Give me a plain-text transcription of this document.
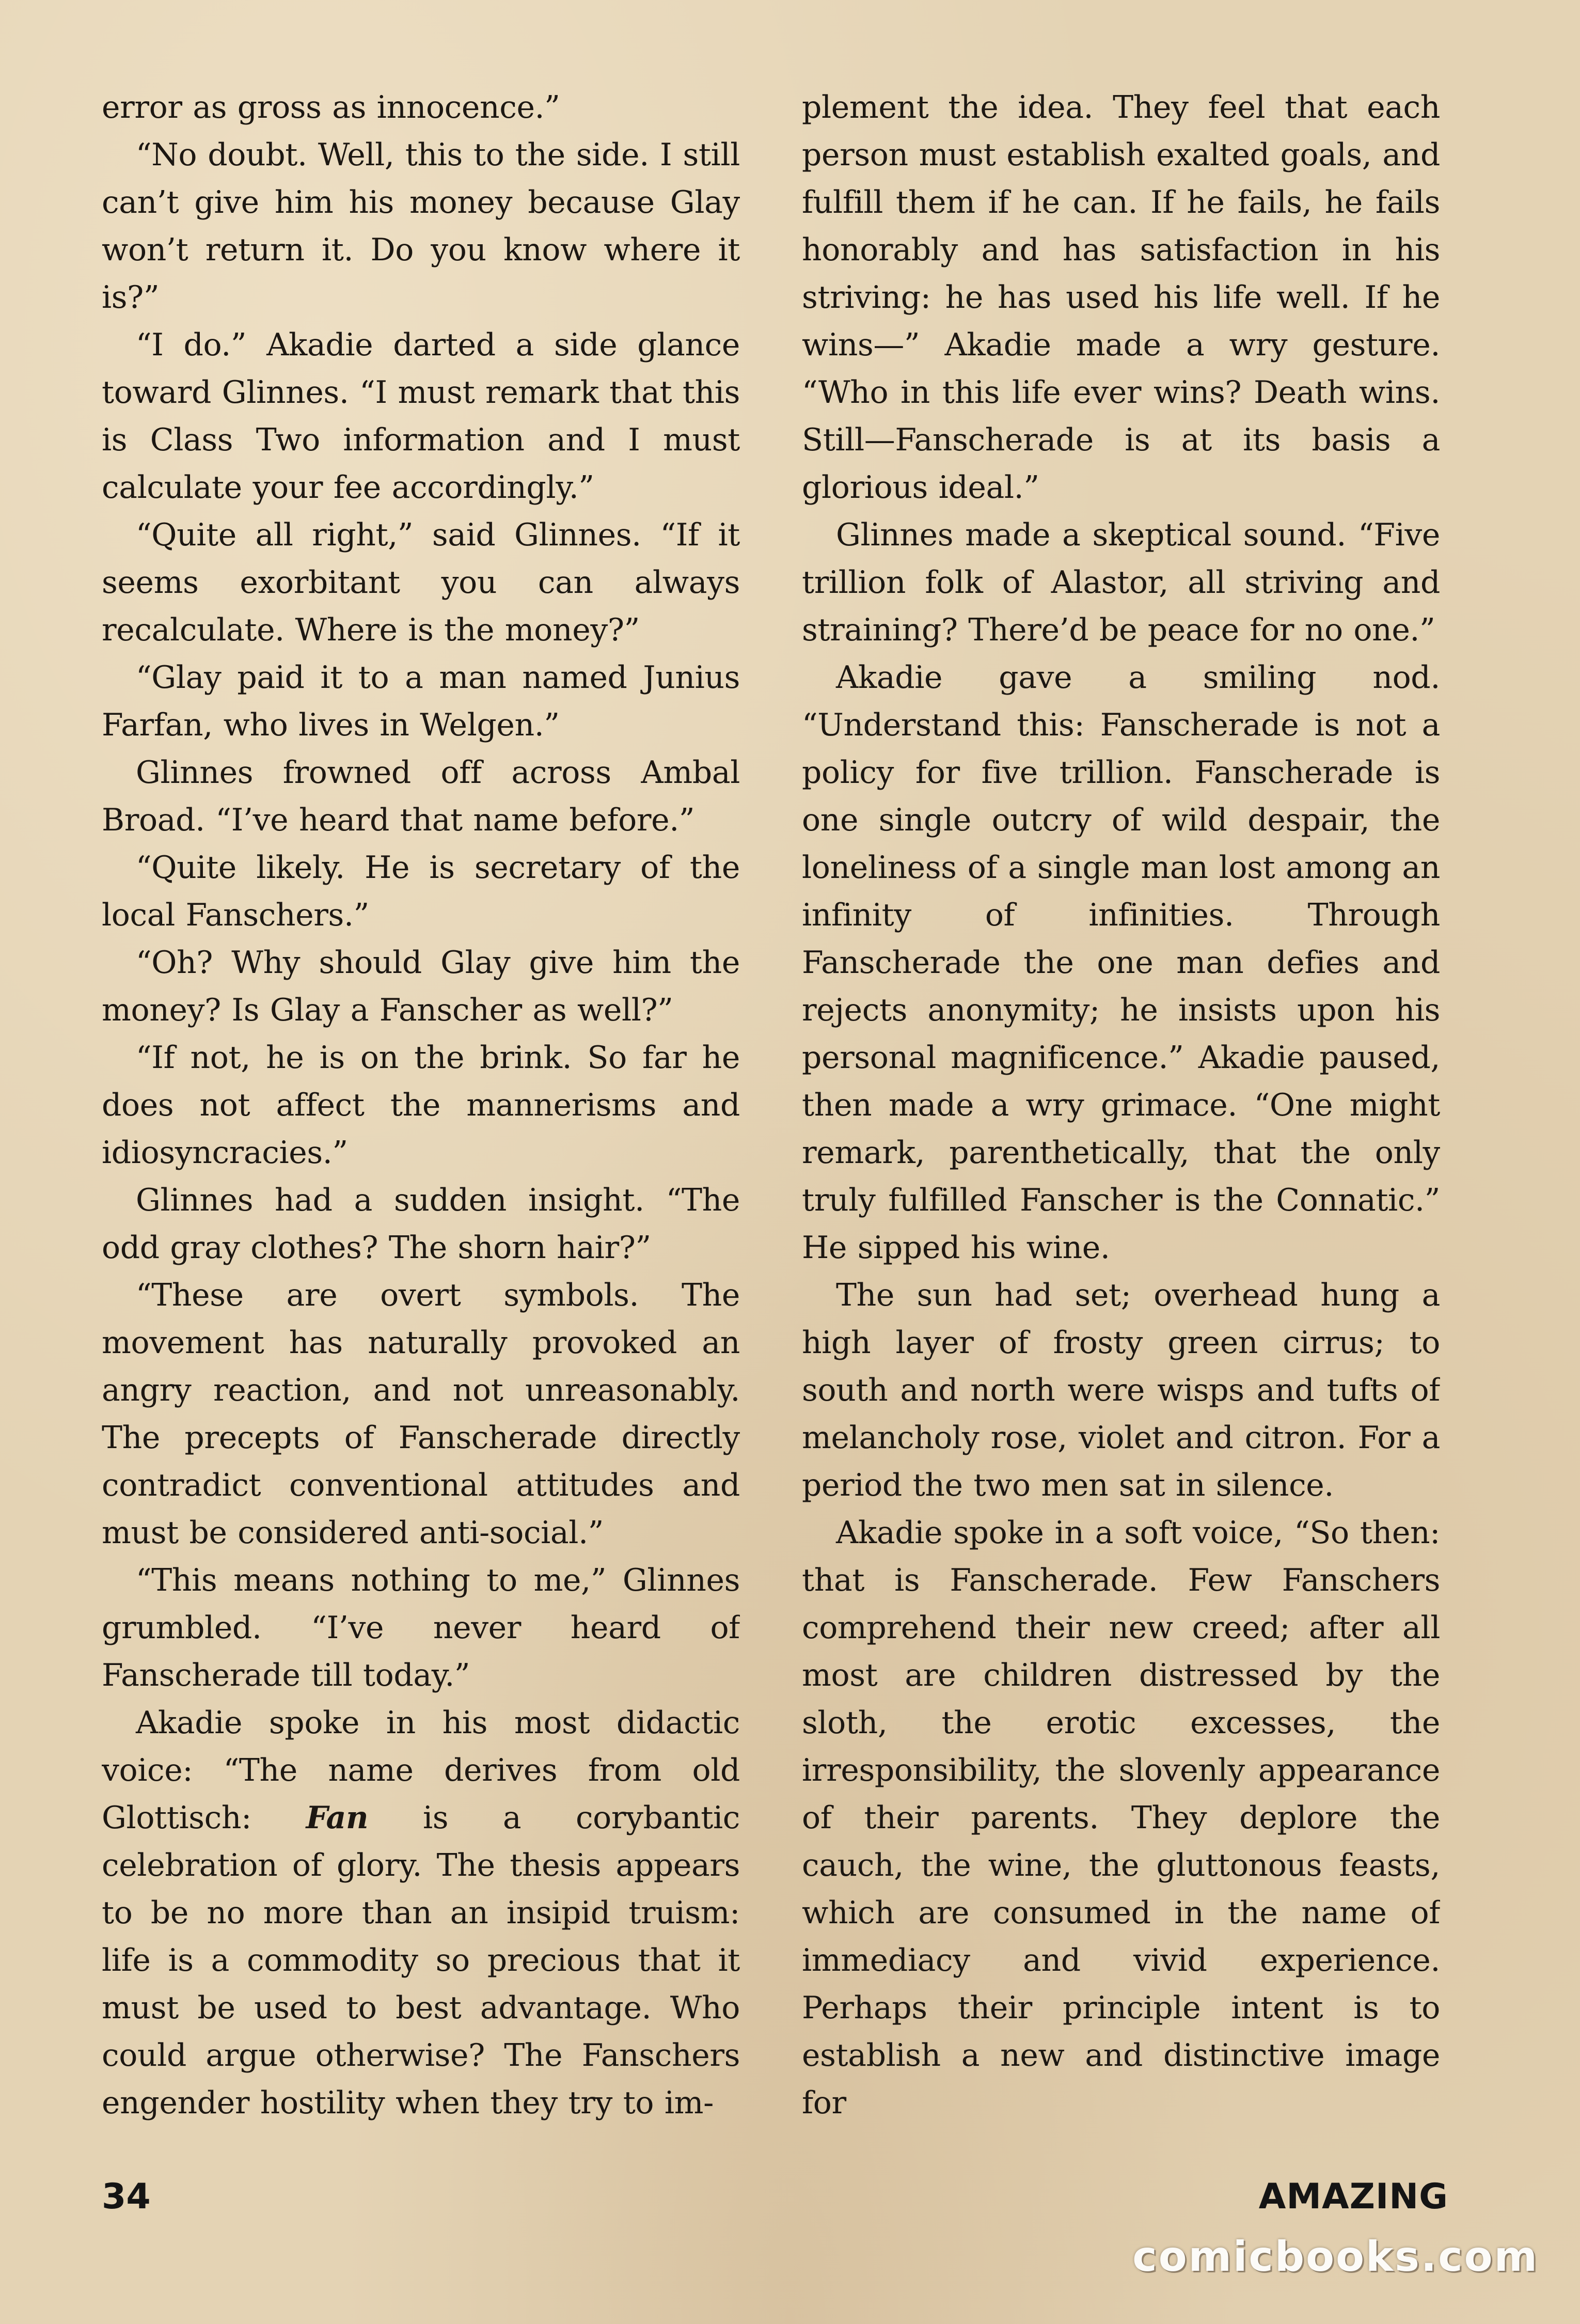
error as gross as innocence.”

“No doubt. Well, this to the side. I still can’t give him his money because Glay won’t return it. Do you know where it is?”

“I do.” Akadie darted a side glance toward Glinnes. “I must remark that this is Class Two information and I must calculate your fee accordingly.”

“Quite all right,” said Glinnes. “If it seems exorbitant you can always recalculate. Where is the money?”

“Glay paid it to a man named Junius Farfan, who lives in Welgen.”

Glinnes frowned off across Ambal Broad. “I’ve heard that name before.”

“Quite likely. He is secretary of the local Fanschers.”

“Oh? Why should Glay give him the money? Is Glay a Fanscher as well?”

“If not, he is on the brink. So far he does not affect the mannerisms and idiosyncracies.”

Glinnes had a sudden insight. “The odd gray clothes? The shorn hair?”

“These are overt symbols. The movement has naturally provoked an angry reaction, and not unreasonably. The precepts of Fanscherade directly contradict conventional attitudes and must be considered anti-social.”

“This means nothing to me,” Glinnes grumbled. “I’ve never heard of Fanscherade till today.”

Akadie spoke in his most didactic voice: “The name derives from old Glottisch: Fan is a corybantic celebration of glory. The thesis appears to be no more than an insipid truism: life is a commodity so precious that it must be used to best advantage. Who could argue otherwise? The Fanschers engender hostility when they try to im-

plement the idea. They feel that each person must establish exalted goals, and fulfill them if he can. If he fails, he fails honorably and has satisfaction in his striving: he has used his life well. If he wins—” Akadie made a wry gesture. “Who in this life ever wins? Death wins. Still—Fanscherade is at its basis a glorious ideal.”

Glinnes made a skeptical sound. “Five trillion folk of Alastor, all striving and straining? There’d be peace for no one.”

Akadie gave a smiling nod. “Understand this: Fanscherade is not a policy for five trillion. Fanscherade is one single outcry of wild despair, the loneliness of a single man lost among an infinity of infinities. Through Fanscherade the one man defies and rejects anonymity; he insists upon his personal magnificence.” Akadie paused, then made a wry grimace. “One might remark, parenthetically, that the only truly fulfilled Fanscher is the Connatic.” He sipped his wine.

The sun had set; overhead hung a high layer of frosty green cirrus; to south and north were wisps and tufts of melancholy rose, violet and citron. For a period the two men sat in silence.

Akadie spoke in a soft voice, “So then: that is Fanscherade. Few Fanschers comprehend their new creed; after all most are children distressed by the sloth, the erotic excesses, the irresponsibility, the slovenly appearance of their parents. They deplore the cauch, the wine, the gluttonous feasts, which are consumed in the name of immediacy and vivid experience. Perhaps their principle intent is to establish a new and distinctive image for

34	AMAZING
comicbooks.com
